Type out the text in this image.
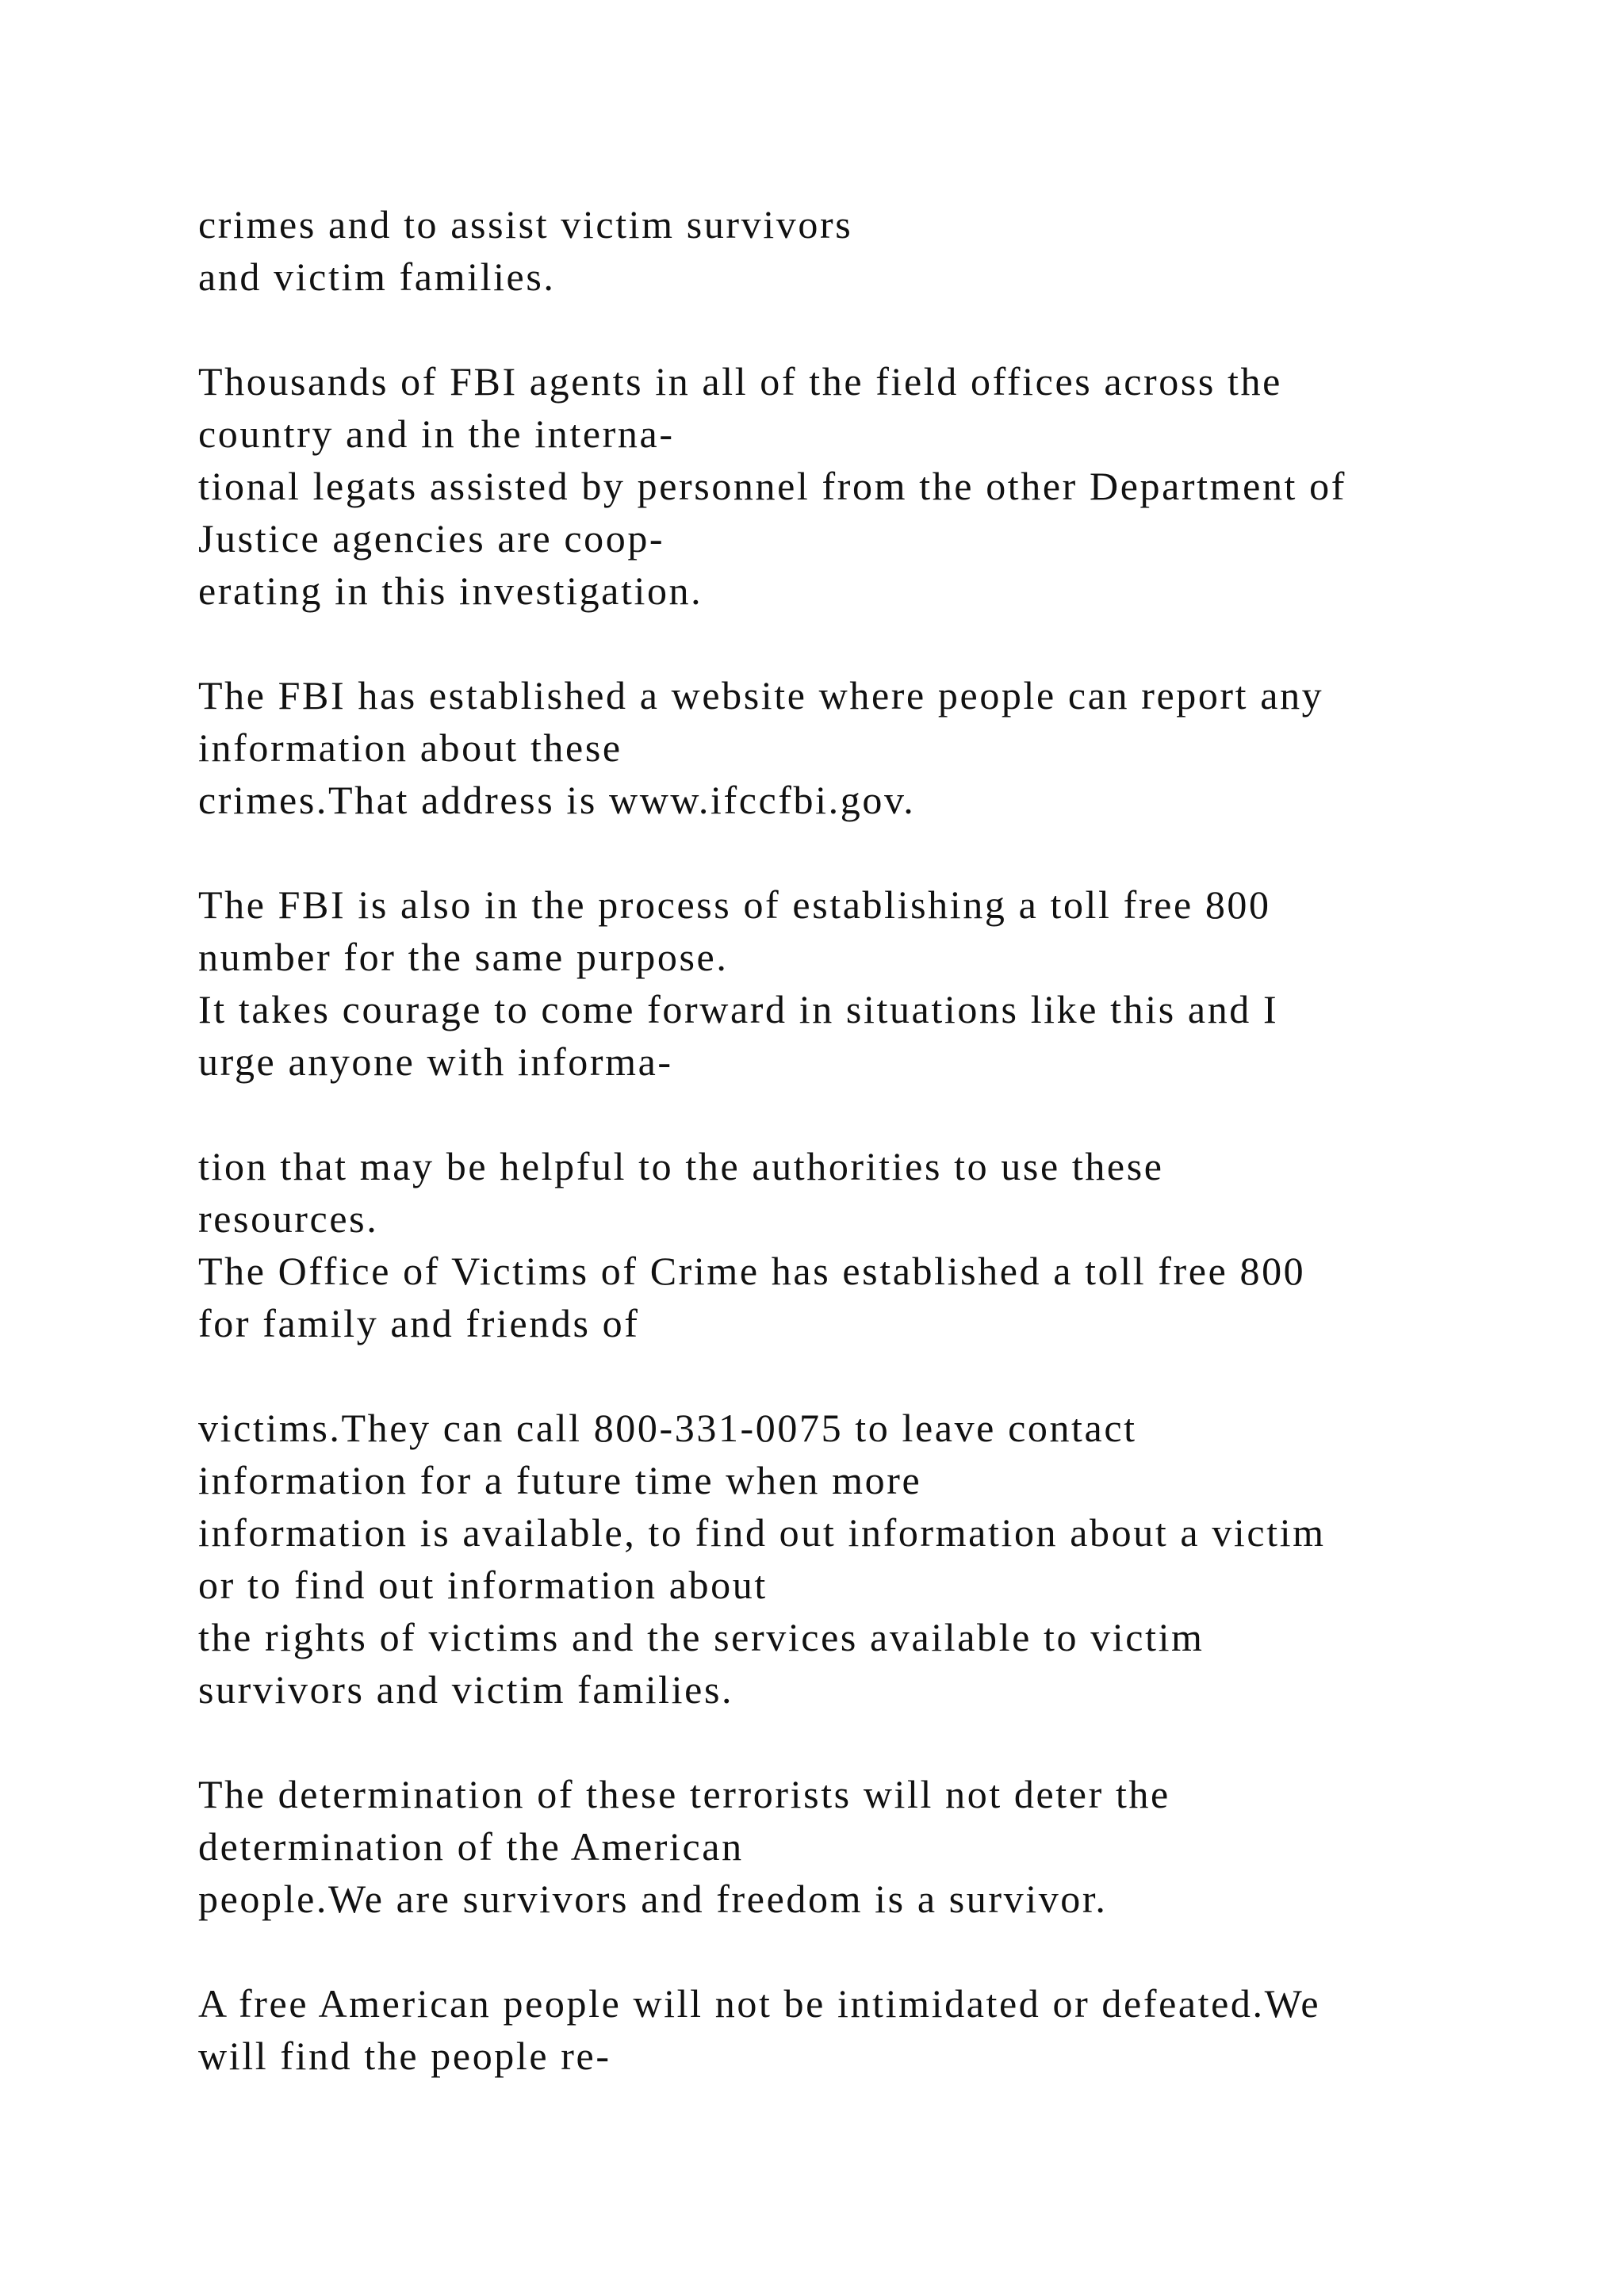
crimes and to assist victim survivors
and victim families.
Thousands of FBI agents in all of the field offices across the
country and in the interna-
tional legats assisted by personnel from the other Department of
Justice agencies are coop-
erating in this investigation.
The FBI has established a website where people can report any
information about these
crimes.That address is www.ifccfbi.gov.
The FBI is also in the process of establishing a toll free 800
number for the same purpose.
It takes courage to come forward in situations like this and I
urge anyone with informa-
tion that may be helpful to the authorities to use these
resources.
The Office of Victims of Crime has established a toll free 800
for family and friends of
victims.They can call 800-331-0075 to leave contact
information for a future time when more
information is available, to find out information about a victim
or to find out information about
the rights of victims and the services available to victim
survivors and victim families.
The determination of these terrorists will not deter the
determination of the American
people.We are survivors and freedom is a survivor.
A free American people will not be intimidated or defeated.We
will find the people re-
